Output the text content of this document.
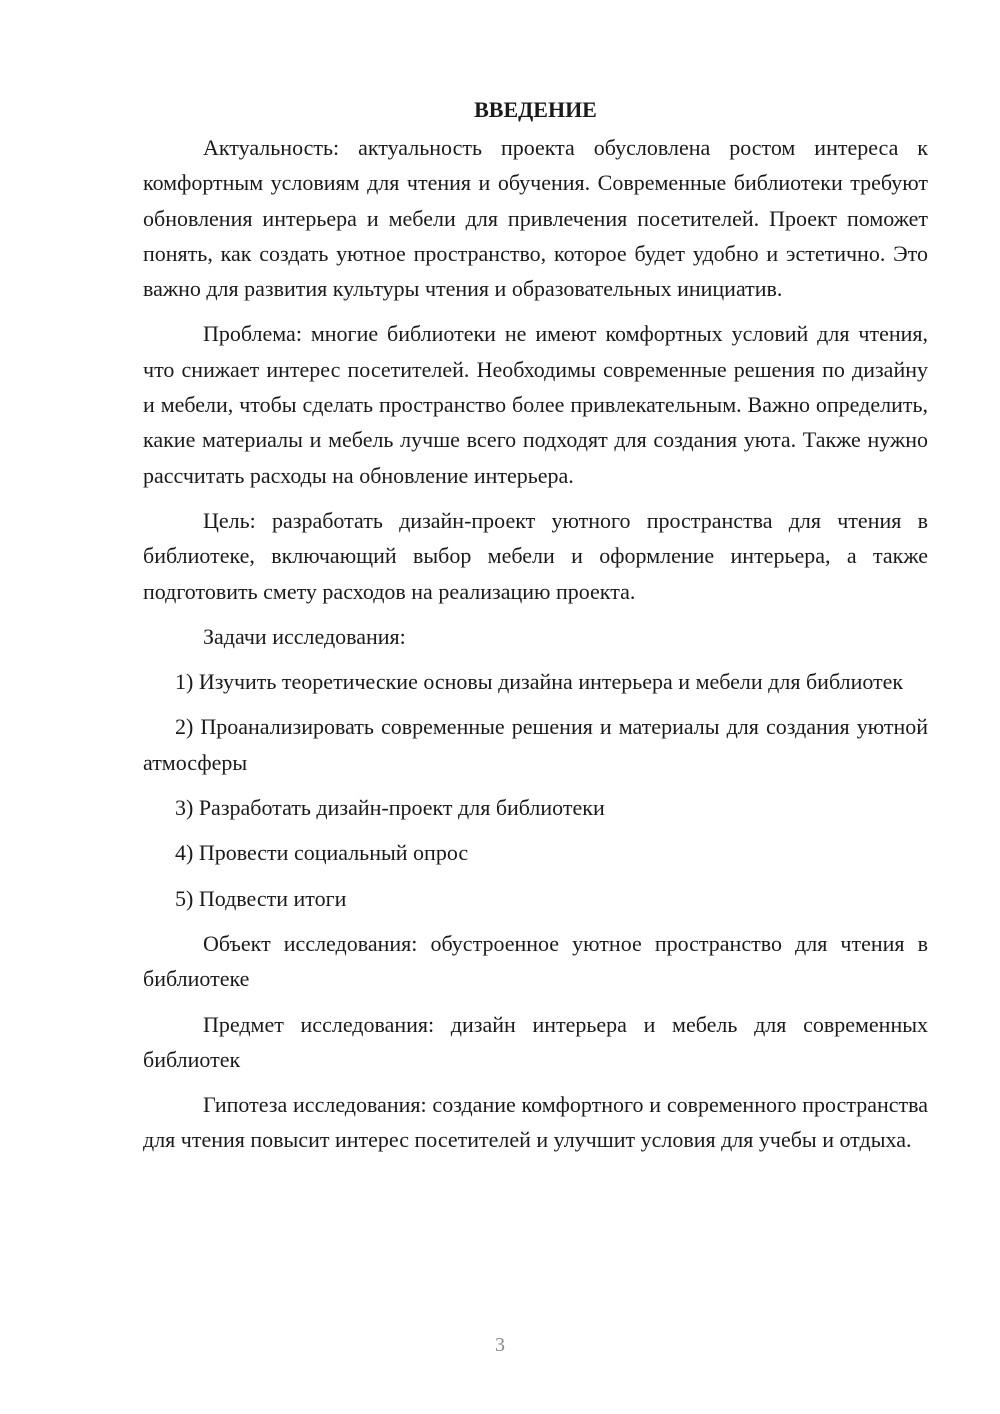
ВВЕДЕНИЕ

Актуальность: актуальность проекта обусловлена ростом интереса к комфортным условиям для чтения и обучения. Современные библиотеки требуют обновления интерьера и мебели для привлечения посетителей. Проект поможет понять, как создать уютное пространство, которое будет удобно и эстетично. Это важно для развития культуры чтения и образовательных инициатив.

Проблема: многие библиотеки не имеют комфортных условий для чтения, что снижает интерес посетителей. Необходимы современные решения по дизайну и мебели, чтобы сделать пространство более привлекательным. Важно определить, какие материалы и мебель лучше всего подходят для создания уюта. Также нужно рассчитать расходы на обновление интерьера.

Цель: разработать дизайн-проект уютного пространства для чтения в библиотеке, включающий выбор мебели и оформление интерьера, а также подготовить смету расходов на реализацию проекта.

Задачи исследования:

1) Изучить теоретические основы дизайна интерьера и мебели для библиотек

2) Проанализировать современные решения и материалы для создания уютной атмосферы

3) Разработать дизайн-проект для библиотеки

4) Провести социальный опрос

5) Подвести итоги

Объект исследования: обустроенное уютное пространство для чтения в библиотеке

Предмет исследования: дизайн интерьера и мебель для современных библиотек

Гипотеза исследования: создание комфортного и современного пространства для чтения повысит интерес посетителей и улучшит условия для учебы и отдыха.

3
